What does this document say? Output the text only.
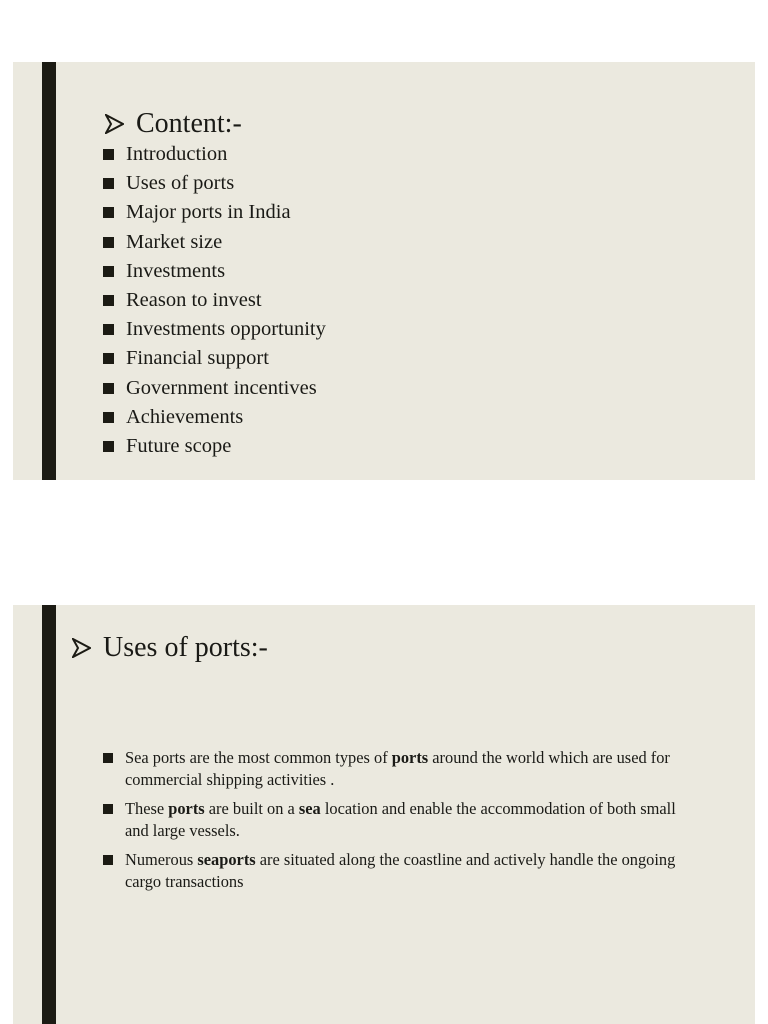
Content:-
Introduction
Uses of ports
Major ports in India
Market size
Investments
Reason to invest
Investments opportunity
Financial support
Government incentives
Achievements
Future scope
Uses of ports:-
Sea ports are the most common types of ports around the world which are used for commercial shipping activities .
These ports are built on a sea location and enable the accommodation of both small and large vessels.
Numerous seaports are situated along the coastline and actively handle the ongoing cargo transactions
